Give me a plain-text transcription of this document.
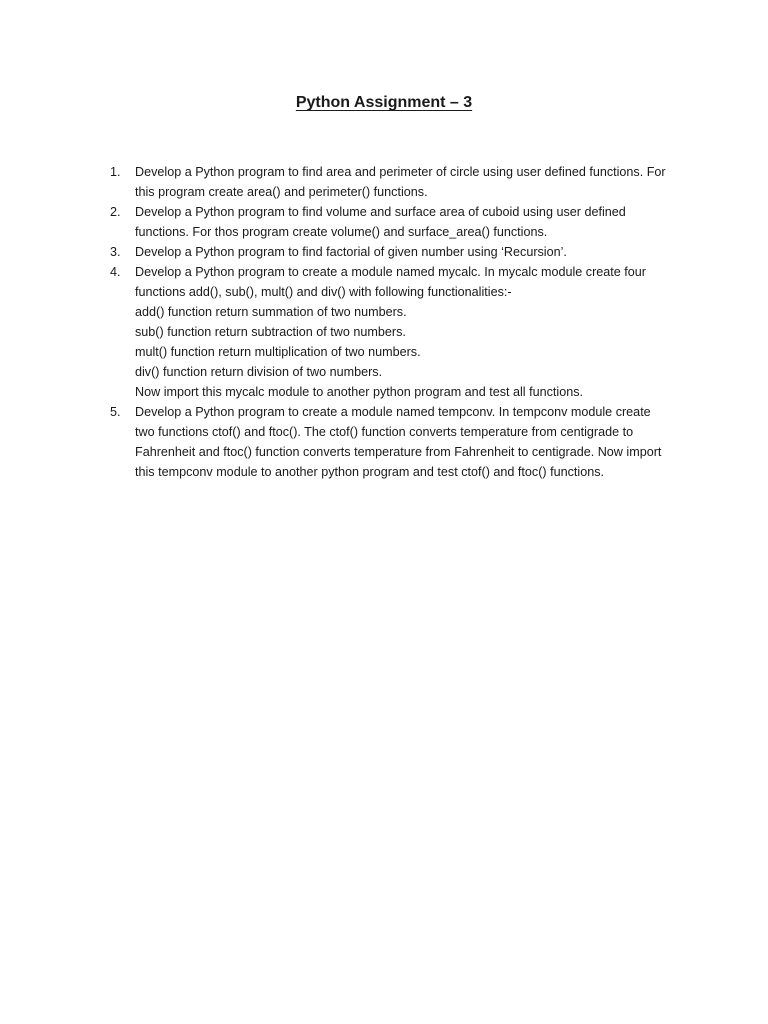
Python Assignment – 3
1. Develop a Python program to find area and perimeter of circle using user defined functions. For
this program create area() and perimeter() functions.
2. Develop a Python program to find volume and surface area of cuboid using user defined
functions. For thos program create volume() and surface_area() functions.
3. Develop a Python program to find factorial of given number using ‘Recursion’.
4. Develop a Python program to create a module named mycalc. In mycalc module create four
functions add(), sub(), mult() and div() with following functionalities:-
add() function return summation of two numbers.
sub() function return subtraction of two numbers.
mult() function return multiplication of two numbers.
div() function return division of two numbers.
Now import this mycalc module to another python program and test all functions.
5. Develop a Python program to create a module named tempconv. In tempconv module create
two functions ctof() and ftoc(). The ctof() function converts temperature from centigrade to
Fahrenheit and ftoc() function converts temperature from Fahrenheit to centigrade. Now import
this tempconv module to another python program and test ctof() and ftoc() functions.
